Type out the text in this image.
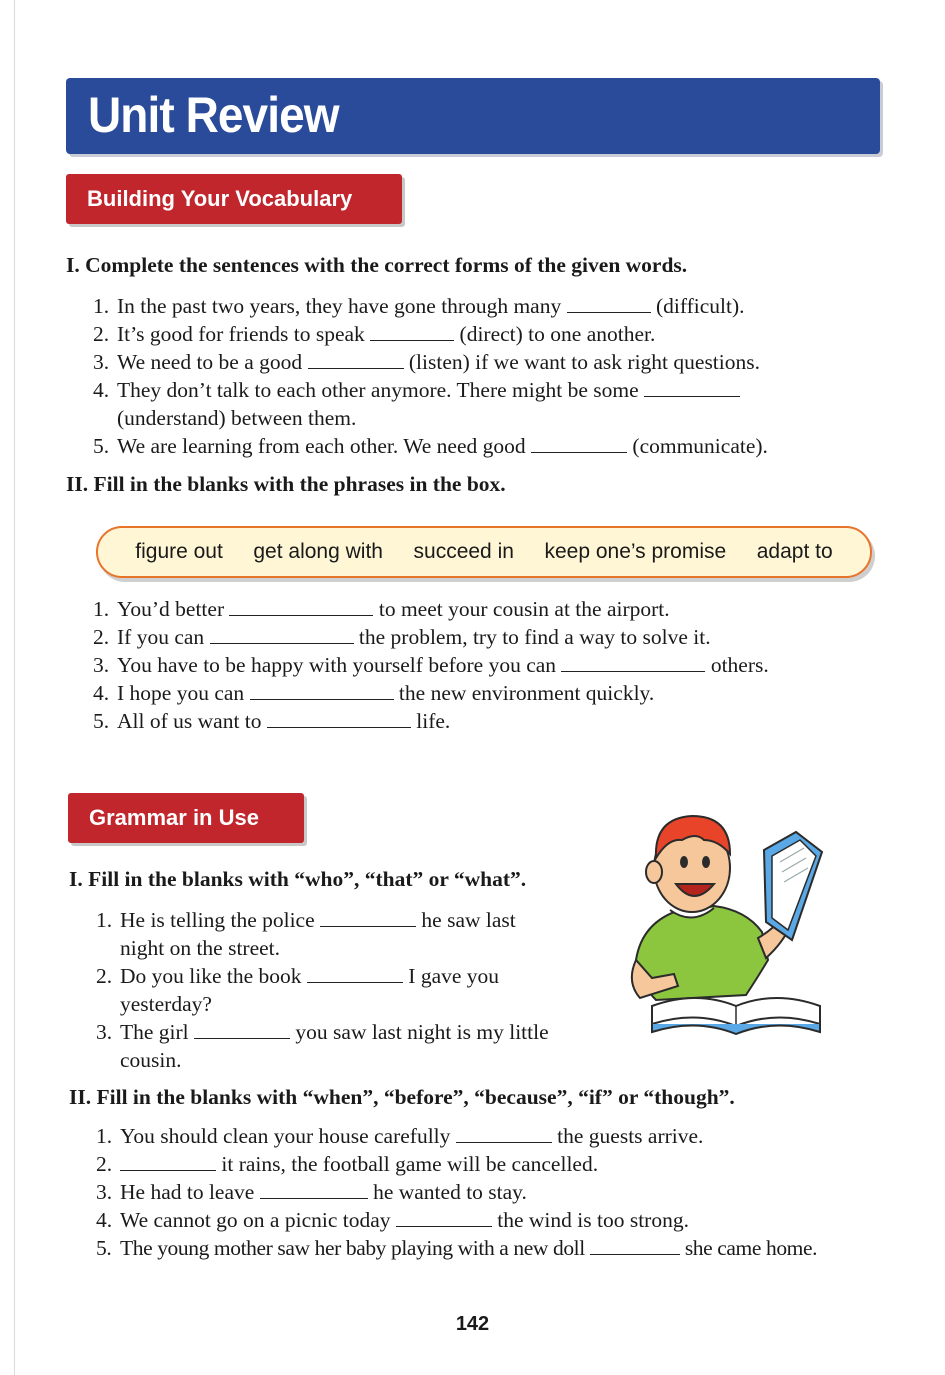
Unit Review
Building Your Vocabulary

I. Complete the sentences with the correct forms of the given words.

1. In the past two years, they have gone through many	(difficult).
2. It’s good for friends to speak	(direct) to one another.
3. We need to be a good	(listen) if we want to ask right questions.
4. They don’t talk to each other anymore. There might be some
(understand) between them.
5. We are learning from each other. We need good	(communicate).

II. Fill in the blanks with the phrases in the box.

figure out get along with succeed in keep one’s promise adapt to
1. You’d better	to meet your cousin at the airport.
2. If you can	the problem, try to find a way to solve it.
3. You have to be happy with yourself before you can	others.
4. I hope you can	the new environment quickly.
5. All of us want to	life.
Grammar in Use

I. Fill in the blanks with “who”, “that” or “what”.

1. He is telling the police	he saw last
night on the street.
2. Do you like the book	I gave you
yesterday?
3. The girl	you saw last night is my little
cousin.

II. Fill in the blanks with “when”, “before”, “because”, “if” or “though”.

1. You should clean your house carefully	the guests arrive.
2.	it rains, the football game will be cancelled.
3. He had to leave	he wanted to stay.
4. We cannot go on a picnic today	the wind is too strong.
5. The young mother saw her baby playing with a new doll	she came home.
142
